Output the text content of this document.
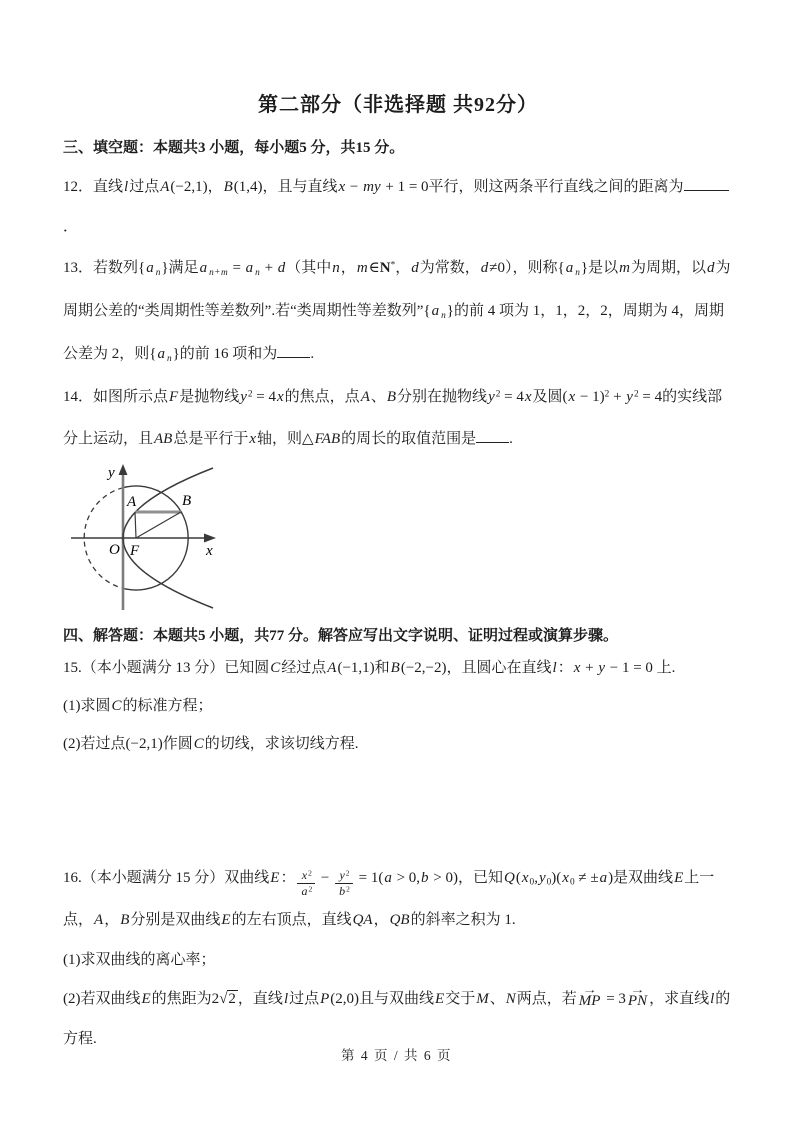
第二部分（非选择题 共92分）

三、填空题：本题共3 小题，每小题5 分，共15 分。

12．直线l过点A(−2,1)，B(1,4)，且与直线x − my + 1 = 0平行，则这两条平行直线之间的距离为．

13．若数列{a $_n$}满足a $_{n+m}$ = a $_n$ + d（其中n，m∈N*，d为常数，d≠0），则称{a $_n$}是以m为周期，以d为周期公差的“类周期性等差数列”.若“类周期性等差数列”{a $_n$}的前 4 项为 1，1，2，2，周期为 4，周期公差为 2，则{a $_n$}的前 16 项和为 .

14．如图所示点F是抛物线$y^2 = 4x$的焦点，点A、B分别在抛物线$y^2 = 4x$及圆$(x - 1)^2 + y^2 = 4$的实线部分上运动，且AB总是平行于x轴，则△FAB的周长的取值范围是 .

y
x
O F
A	B

四、解答题：本题共5 小题，共77 分。解答应写出文字说明、证明过程或演算步骤。

15.（本小题满分 13 分）已知圆C经过点A(−1,1)和B(−2,−2)，且圆心在直线l：x + y − 1 = 0 上.

(1)求圆C的标准方程；

(2)若过点(−2,1)作圆C的切线，求该切线方程.

16.（本小题满分 15 分）双曲线E： $\frac{x^2}{a^2} - \frac{y^2}{b^2} = 1(a > 0,b > 0)$，已知$Q(x_0,y_0)(x_0 \ne \pm a)$是双曲线E上一点，A，B分别是双曲线E的左右顶点，直线QA，QB的斜率之积为 1.

(1)求双曲线的离心率；

(2)若双曲线E的焦距为2√2 ，直线l过点P(2,0)且与双曲线E交于M、N两点，若
→
MP = 3
→
PN ，求直线l的方程.

第 4 页 / 共 6 页
